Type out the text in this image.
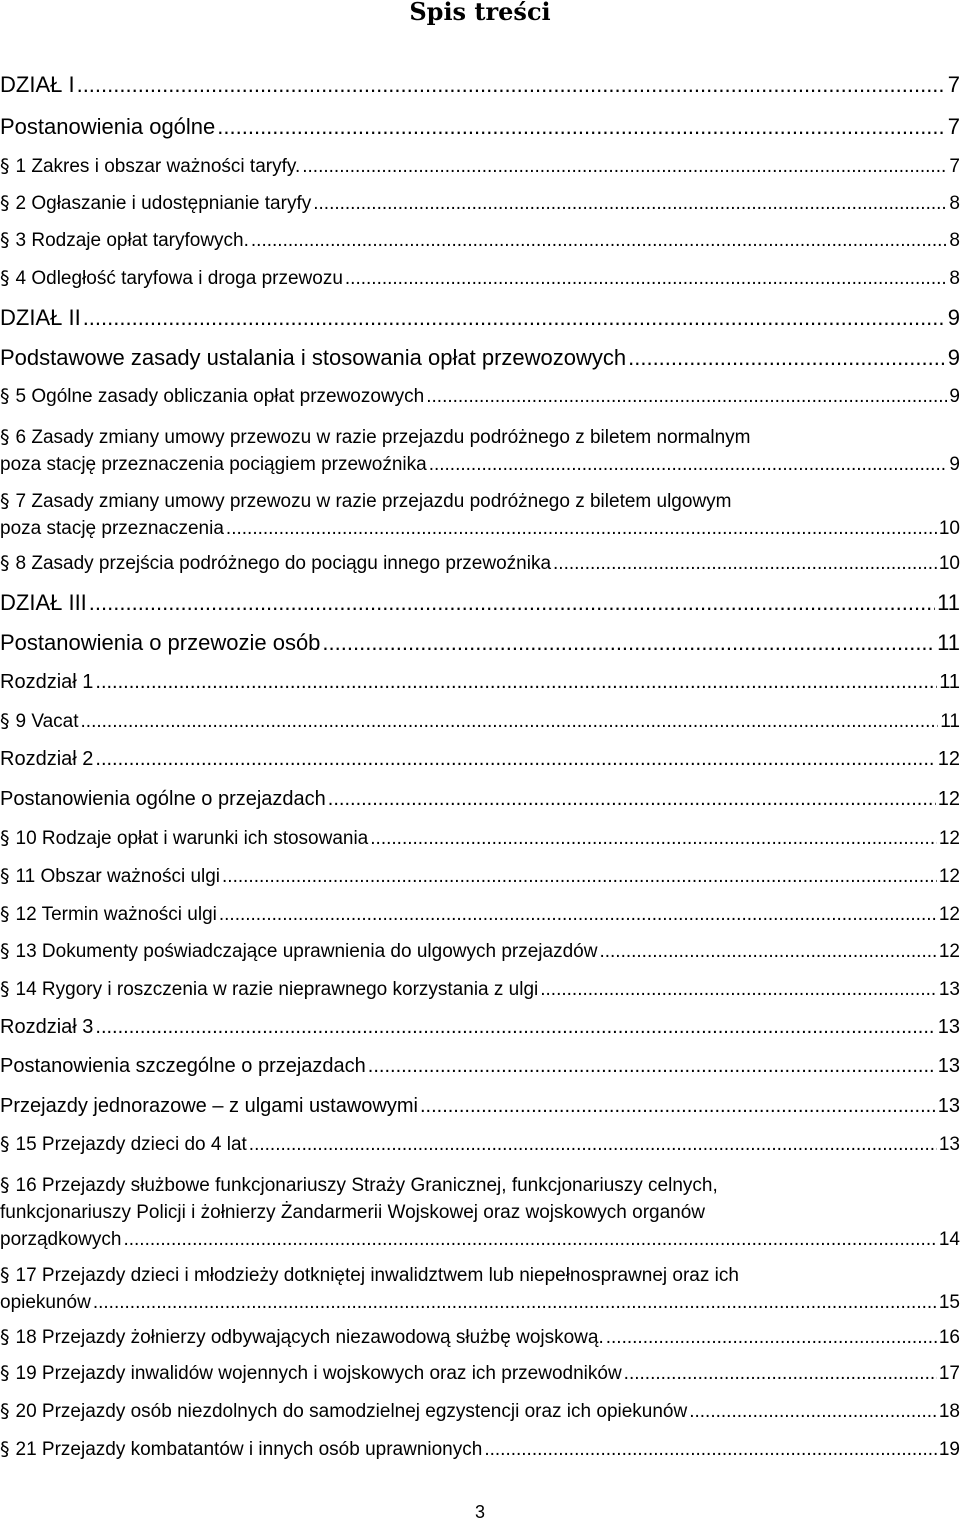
Spis treści
DZIAŁ I .....	7
Postanowienia ogólne .....	7
§ 1 Zakres i obszar ważności taryfy. .....	7
§ 2 Ogłaszanie i udostępnianie taryfy .....	8
§ 3 Rodzaje opłat taryfowych. .....	8
§ 4 Odległość taryfowa i droga przewozu .....	8
DZIAŁ II .....	9
Podstawowe zasady ustalania i stosowania opłat przewozowych .....	9
§ 5 Ogólne zasady obliczania opłat przewozowych .....	9
§ 6 Zasady zmiany umowy przewozu w razie przejazdu podróżnego z biletem normalnym
poza stację przeznaczenia pociągiem przewoźnika .....	9
§ 7 Zasady zmiany umowy przewozu w razie przejazdu podróżnego z biletem ulgowym
poza stację przeznaczenia .....	10
§ 8 Zasady przejścia podróżnego do pociągu innego przewoźnika .....	10
DZIAŁ III .....	11
Postanowienia o przewozie osób .....	11
Rozdział 1 .....	11
§ 9 Vacat .....	11
Rozdział 2 .....	12
Postanowienia ogólne o przejazdach .....	12
§ 10 Rodzaje opłat i warunki ich stosowania .....	12
§ 11 Obszar ważności ulgi .....	12
§ 12 Termin ważności ulgi .....	12
§ 13 Dokumenty poświadczające uprawnienia do ulgowych przejazdów .....	12
§ 14 Rygory i roszczenia w razie nieprawnego korzystania z ulgi .....	13
Rozdział 3 .....	13
Postanowienia szczególne o przejazdach .....	13
Przejazdy jednorazowe – z ulgami ustawowymi .....	13
§ 15 Przejazdy dzieci do 4 lat .....	13
§ 16 Przejazdy służbowe funkcjonariuszy Straży Granicznej, funkcjonariuszy celnych,
funkcjonariuszy Policji i żołnierzy Żandarmerii Wojskowej oraz wojskowych organów
porządkowych .....	14
§ 17 Przejazdy dzieci i młodzieży dotkniętej inwalidztwem lub niepełnosprawnej oraz ich
opiekunów .....	15
§ 18 Przejazdy żołnierzy odbywających niezawodową służbę wojskową. .....	16
§ 19 Przejazdy inwalidów wojennych i wojskowych oraz ich przewodników .....	17
§ 20 Przejazdy osób niezdolnych do samodzielnej egzystencji oraz ich opiekunów .....	18
§ 21 Przejazdy kombatantów i innych osób uprawnionych .....	19
3
